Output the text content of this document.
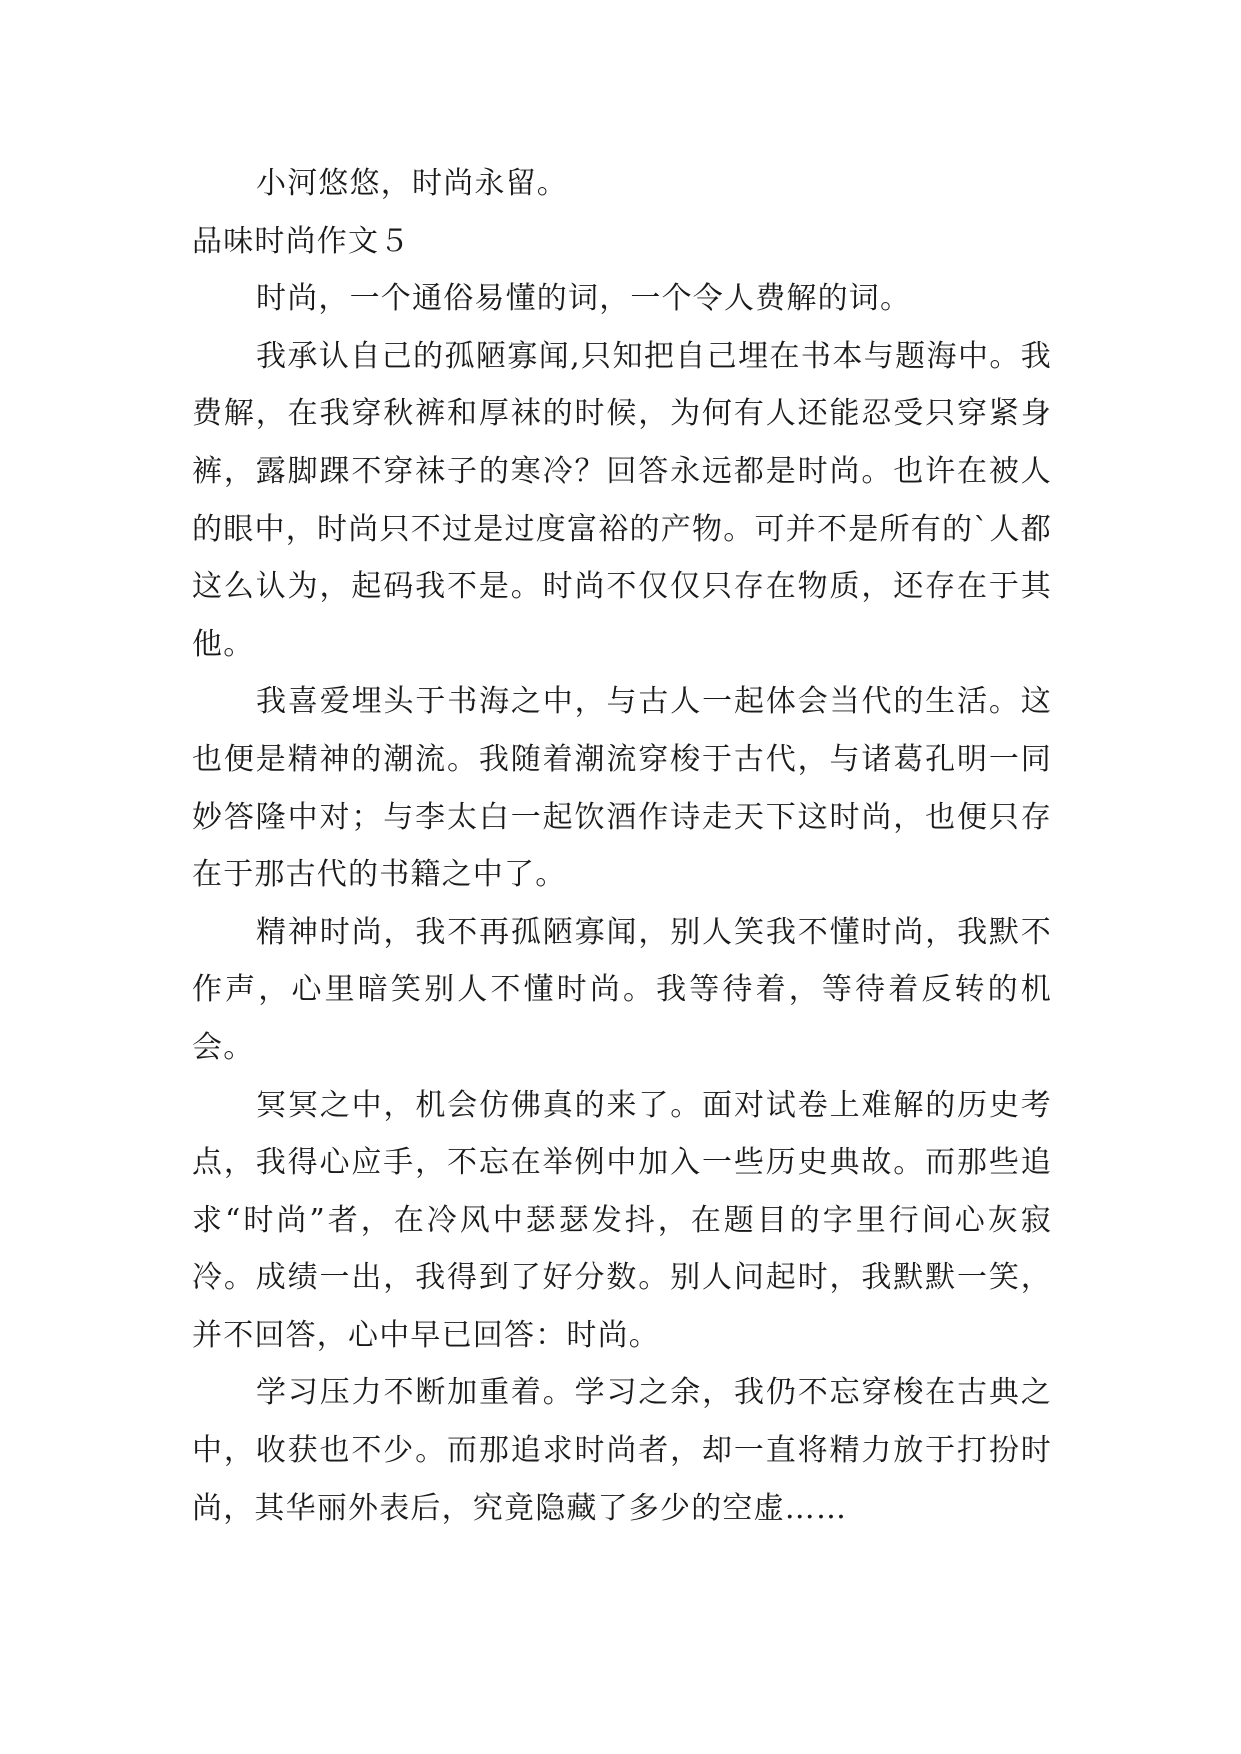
小河悠悠，时尚永留。

品味时尚作文５

时尚，一个通俗易懂的词，一个令人费解的词。

我承认自己的孤陋寡闻,只知把自己埋在书本与题海中。我费解，在我穿秋裤和厚袜的时候，为何有人还能忍受只穿紧身裤，露脚踝不穿袜子的寒冷？回答永远都是时尚。也许在被人的眼中，时尚只不过是过度富裕的产物。可并不是所有的`人都这么认为，起码我不是。时尚不仅仅只存在物质，还存在于其他。

我喜爱埋头于书海之中，与古人一起体会当代的生活。这也便是精神的潮流。我随着潮流穿梭于古代，与诸葛孔明一同妙答隆中对；与李太白一起饮酒作诗走天下这时尚，也便只存在于那古代的书籍之中了。

精神时尚，我不再孤陋寡闻，别人笑我不懂时尚，我默不作声，心里暗笑别人不懂时尚。我等待着，等待着反转的机会。

冥冥之中，机会仿佛真的来了。面对试卷上难解的历史考点，我得心应手，不忘在举例中加入一些历史典故。而那些追求“时尚”者，在冷风中瑟瑟发抖，在题目的字里行间心灰寂冷。成绩一出，我得到了好分数。别人问起时，我默默一笑，并不回答，心中早已回答：时尚。

学习压力不断加重着。学习之余，我仍不忘穿梭在古典之中，收获也不少。而那追求时尚者，却一直将精力放于打扮时尚，其华丽外表后，究竟隐藏了多少的空虚……
